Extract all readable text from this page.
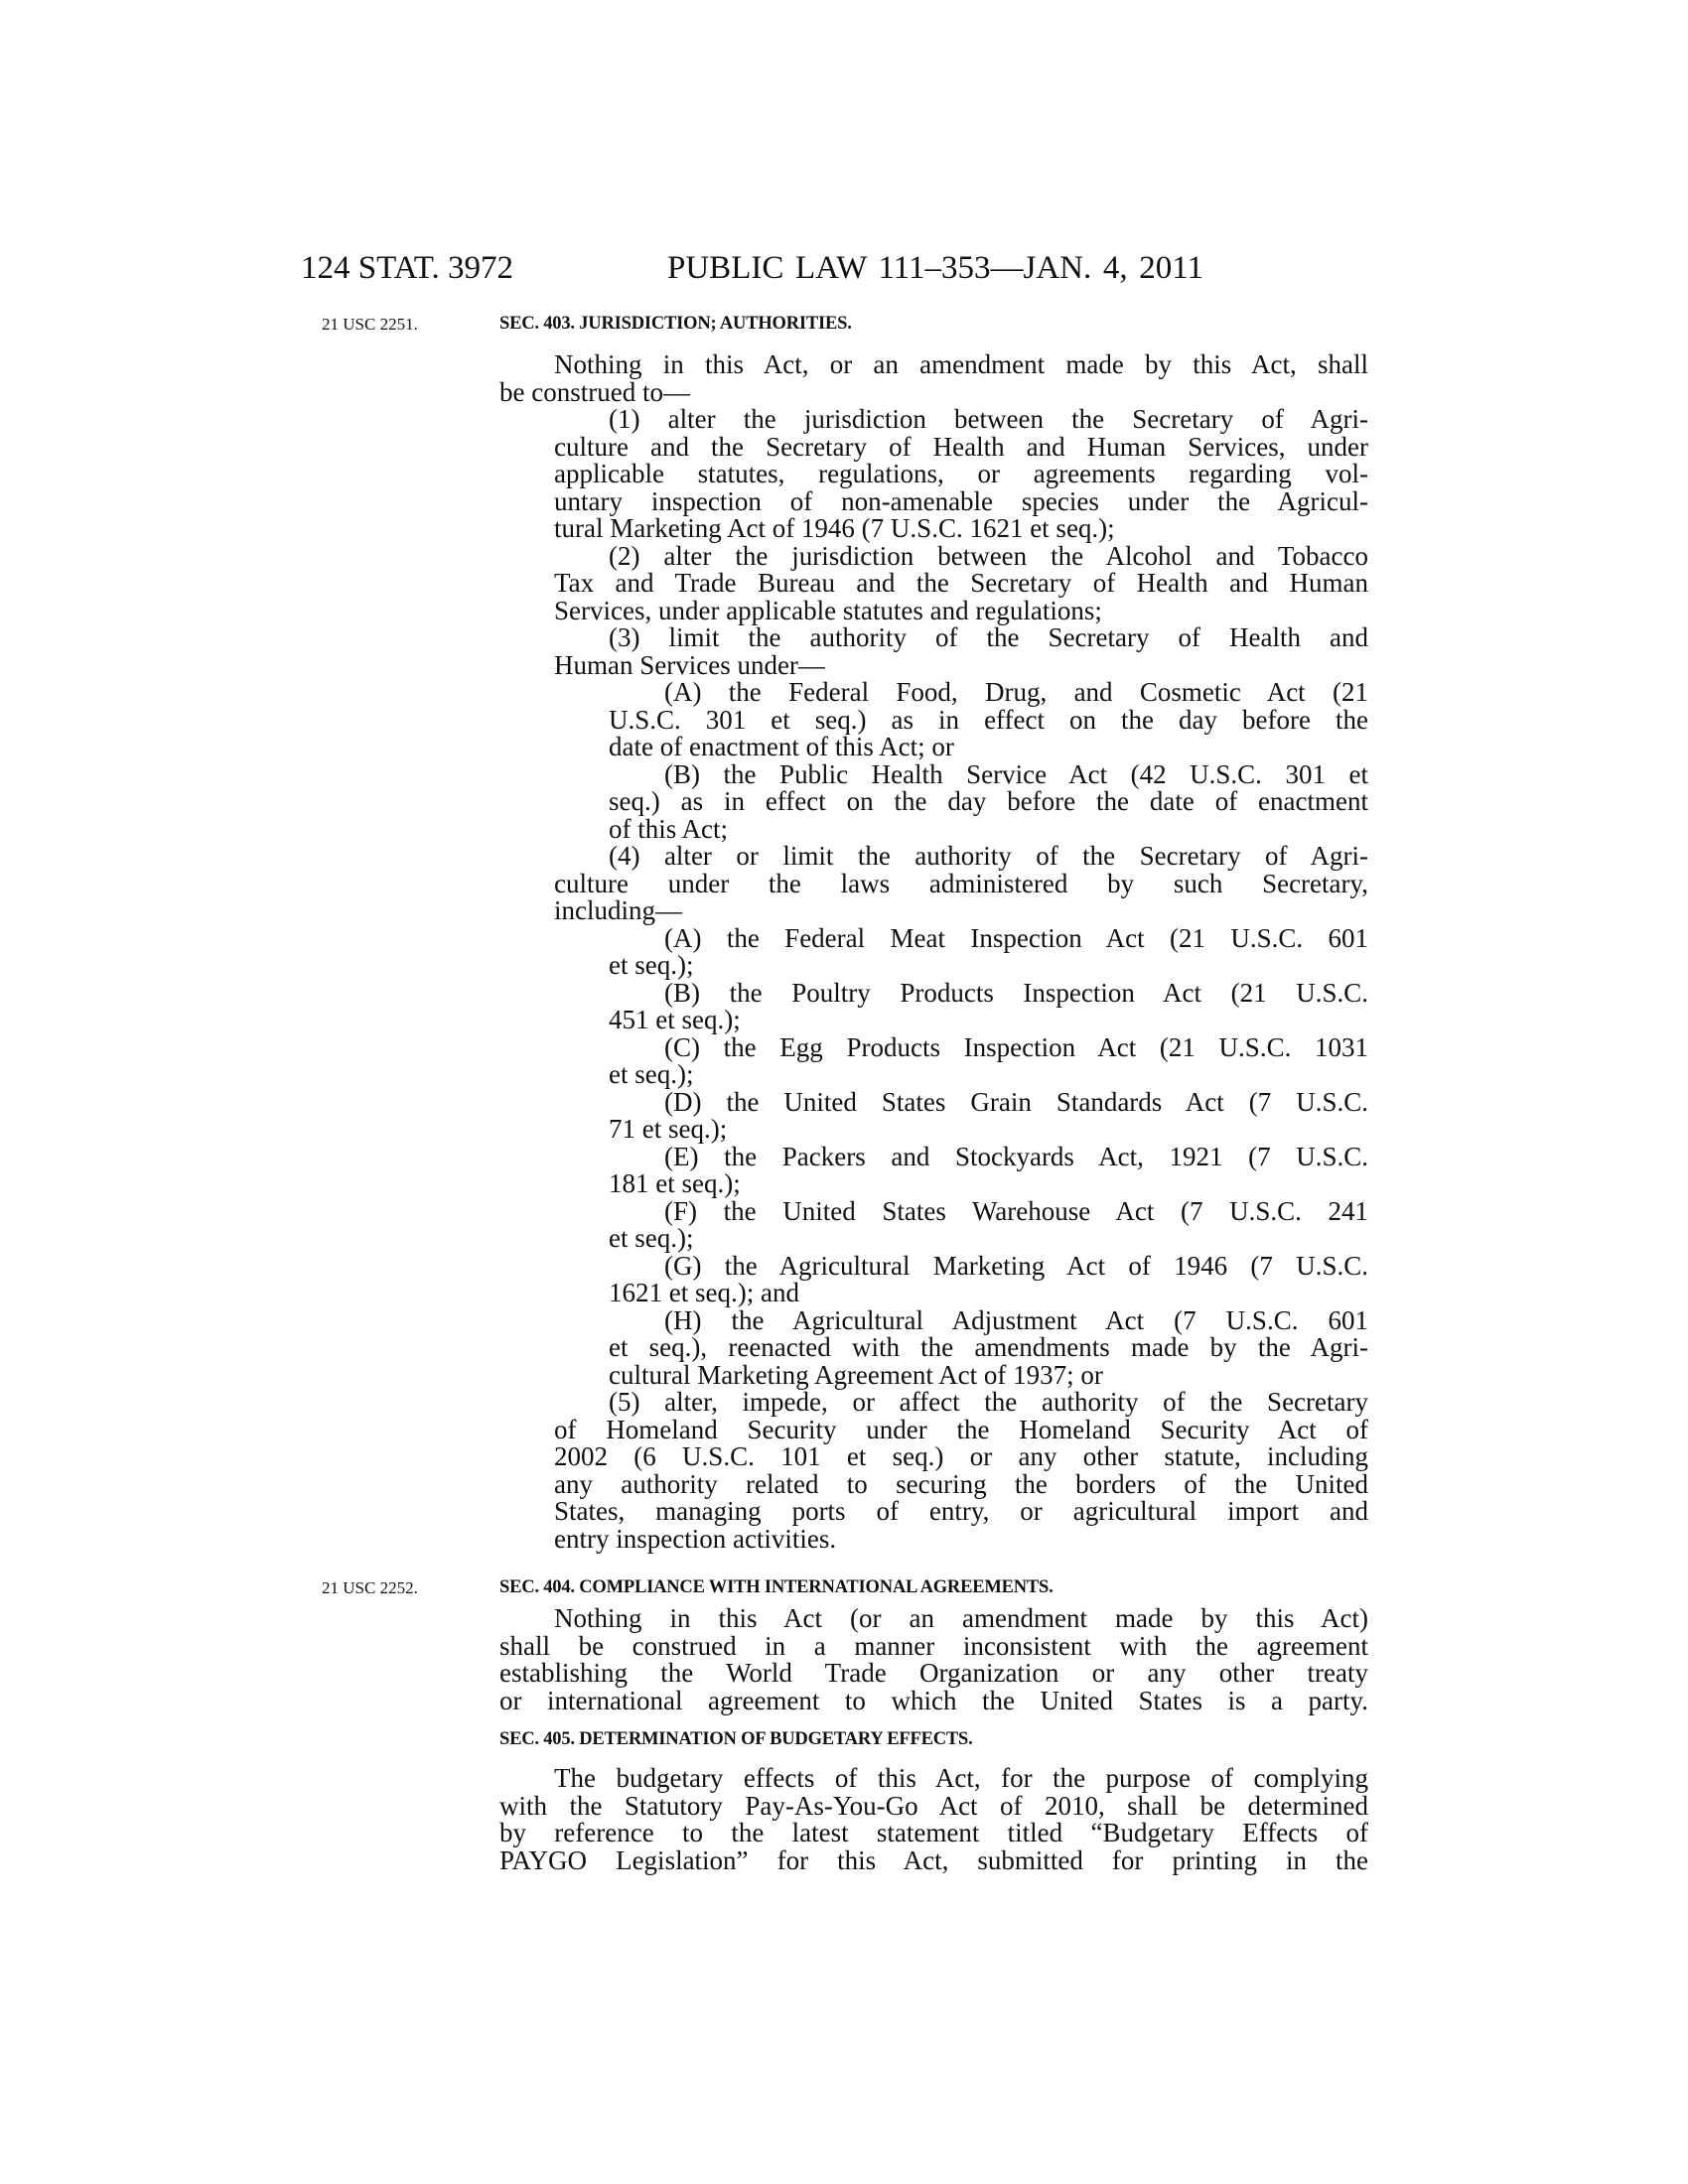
124 STAT. 3972	PUBLIC LAW 111–353—JAN. 4, 2011
21 USC 2251.	SEC. 403. JURISDICTION; AUTHORITIES.
Nothing in this Act, or an amendment made by this Act, shall
be construed to—
(1) alter the jurisdiction between the Secretary of Agri-
culture and the Secretary of Health and Human Services, under
applicable statutes, regulations, or agreements regarding vol-
untary inspection of non-amenable species under the Agricul-
tural Marketing Act of 1946 (7 U.S.C. 1621 et seq.);
(2) alter the jurisdiction between the Alcohol and Tobacco
Tax and Trade Bureau and the Secretary of Health and Human
Services, under applicable statutes and regulations;
(3) limit the authority of the Secretary of Health and
Human Services under—
(A) the Federal Food, Drug, and Cosmetic Act (21
U.S.C. 301 et seq.) as in effect on the day before the
date of enactment of this Act; or
(B) the Public Health Service Act (42 U.S.C. 301 et
seq.) as in effect on the day before the date of enactment
of this Act;
(4) alter or limit the authority of the Secretary of Agri-
culture under the laws administered by such Secretary,
including—
(A) the Federal Meat Inspection Act (21 U.S.C. 601
et seq.);
(B) the Poultry Products Inspection Act (21 U.S.C.
451 et seq.);
(C) the Egg Products Inspection Act (21 U.S.C. 1031
et seq.);
(D) the United States Grain Standards Act (7 U.S.C.
71 et seq.);
(E) the Packers and Stockyards Act, 1921 (7 U.S.C.
181 et seq.);
(F) the United States Warehouse Act (7 U.S.C. 241
et seq.);
(G) the Agricultural Marketing Act of 1946 (7 U.S.C.
1621 et seq.); and
(H) the Agricultural Adjustment Act (7 U.S.C. 601
et seq.), reenacted with the amendments made by the Agri-
cultural Marketing Agreement Act of 1937; or
(5) alter, impede, or affect the authority of the Secretary
of Homeland Security under the Homeland Security Act of
2002 (6 U.S.C. 101 et seq.) or any other statute, including
any authority related to securing the borders of the United
States, managing ports of entry, or agricultural import and
entry inspection activities.
21 USC 2252.	SEC. 404. COMPLIANCE WITH INTERNATIONAL AGREEMENTS.
Nothing in this Act (or an amendment made by this Act)
shall be construed in a manner inconsistent with the agreement
establishing the World Trade Organization or any other treaty
or international agreement to which the United States is a party.
SEC. 405. DETERMINATION OF BUDGETARY EFFECTS.
The budgetary effects of this Act, for the purpose of complying
with the Statutory Pay-As-You-Go Act of 2010, shall be determined
by reference to the latest statement titled “Budgetary Effects of
PAYGO Legislation” for this Act, submitted for printing in the
